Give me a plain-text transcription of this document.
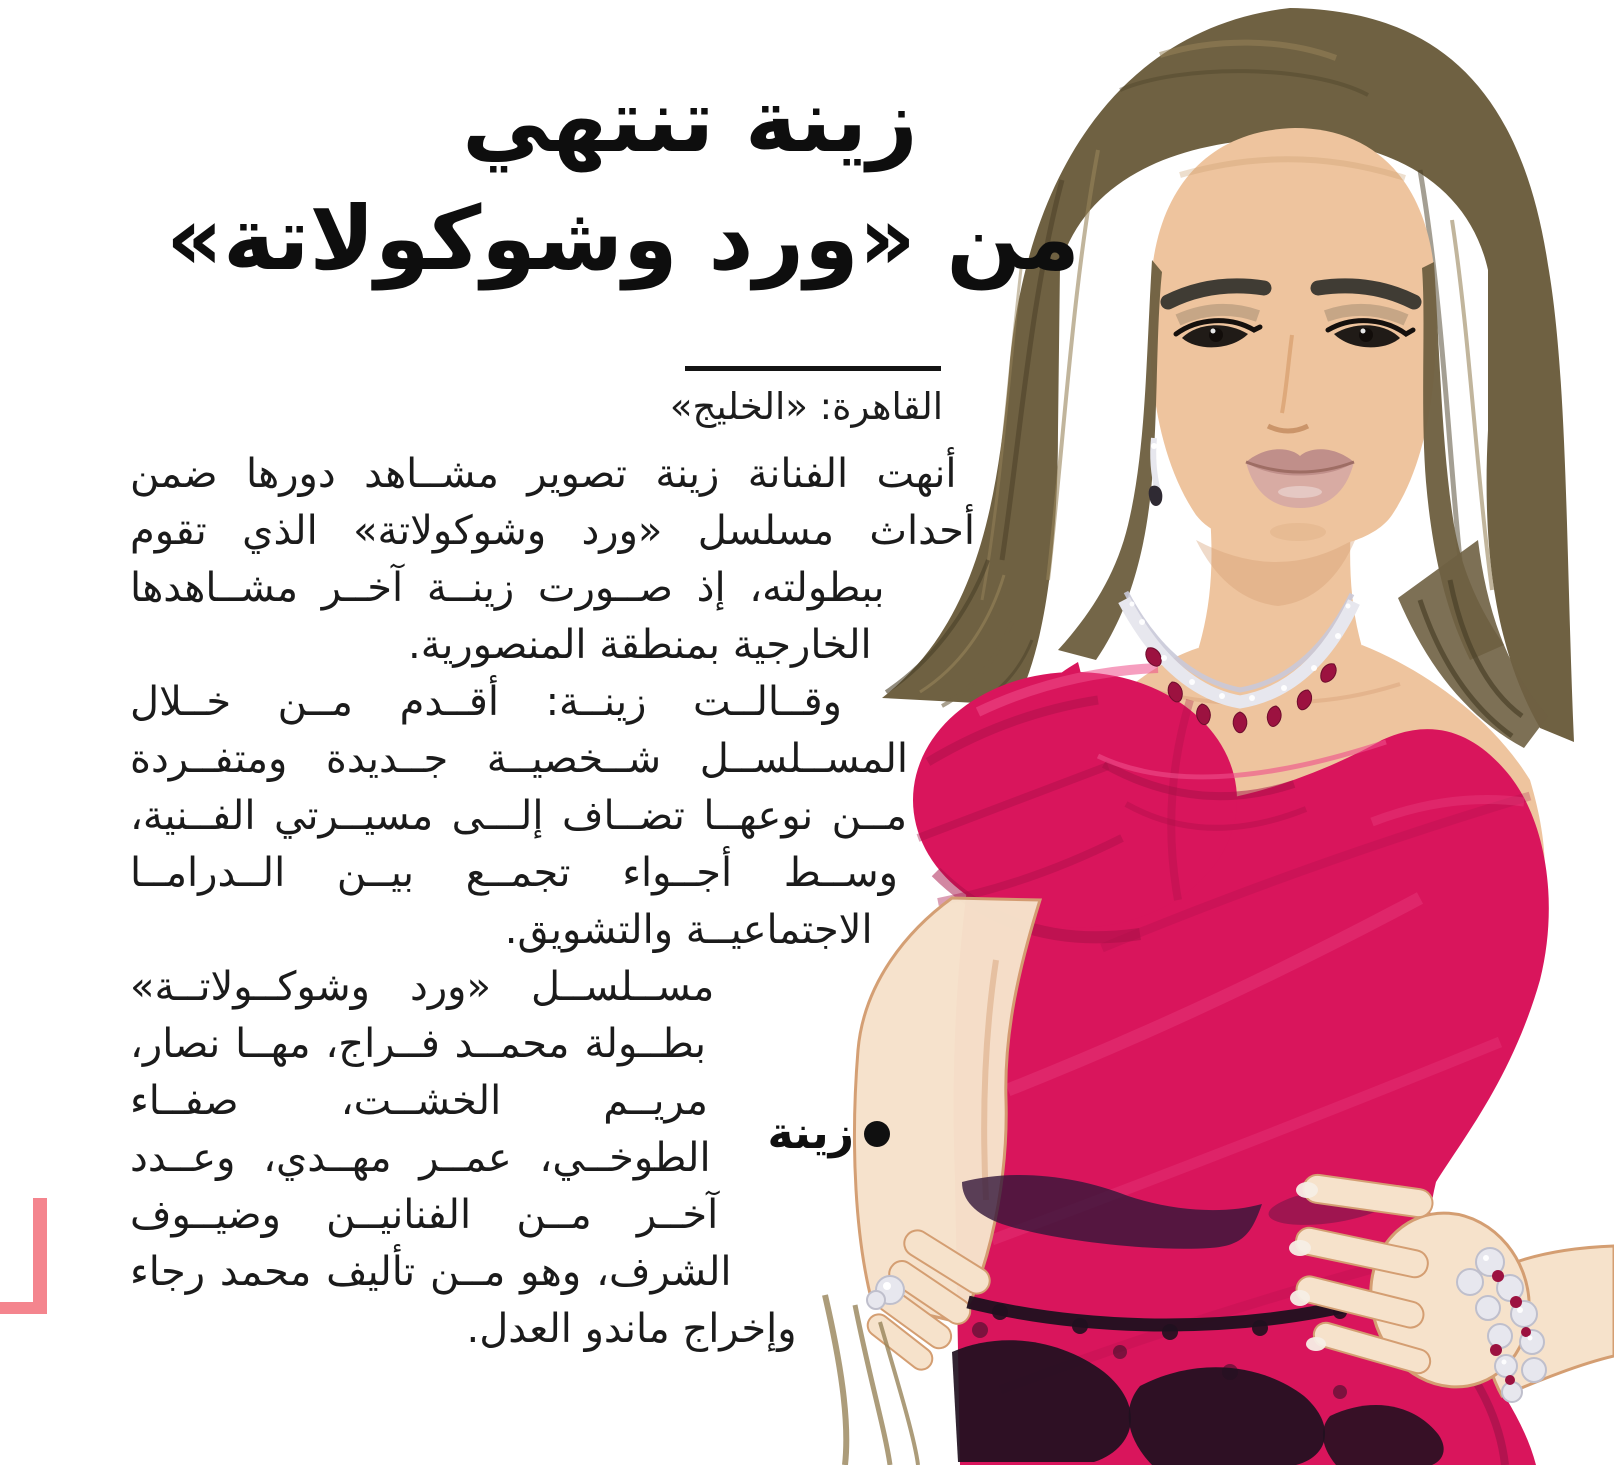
زينة تنتهي
من «ورد وشوكولاتة»
القاهرة: «الخليج»

أنهت الفنانة زينة تصوير مشــاهد دورها ضمن أحداث مسلسل «ورد وشوكولاتة» الذي تقوم ببطولته، إذ صــورت زينــة آخــر مشــاهدها الخارجية بمنطقة المنصورية.

وقــالــت زينــة: أقــدم مــن خــلال المســلســل شــخصيــة جــديدة ومتفــردة مــن نوعهــا تضــاف إلـــى مسيــرتي الفــنية، وســط أجــواء تجمــع بيــن الــدرامــا الاجتماعيــة والتشويق.

مســلســل «ورد وشوكــولاتــة» بطــولة محمــد فــراج، مهــا نصار، مريــم الخشــت، صفــاء الطوخــي، عمــر مهــدي، وعــدد آخــر مــن الفنانيــن وضيــوف الشرف، وهو مــن تأليف محمد رجاء وإخراج ماندو العدل.

زينة
